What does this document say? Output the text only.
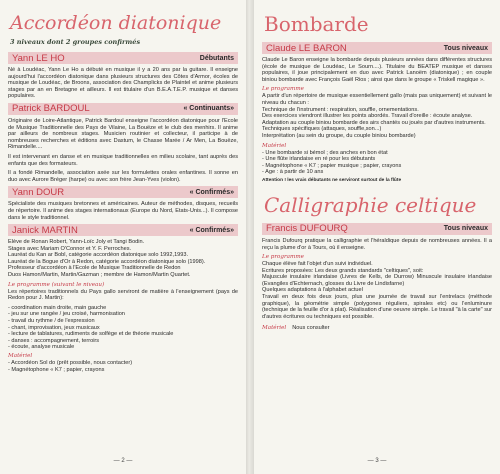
Accordéon diatonique
3 niveaux dont 2 groupes confirmés
Yann LE HO	Débutants

Né à Loudéac, Yann Le Ho a débuté en musique il y a 20 ans par la guitare. Il enseigne aujourd'hui l'accordéon diatonique dans plusieurs structures des Côtes d'Armor, écoles de musique de Loudéac, de Broons, association des Champlicks de Plaintel et anime plusieurs stages par an en Bretagne et ailleurs. Il est titulaire d'un B.E.A.T.E.P. musique et danses populaires.

Patrick BARDOUL	« Continuants»

Originaire de Loire-Atlantique, Patrick Bardoul enseigne l'accordéon diatonique pour l'Ecole de Musique Traditionnelle des Pays de Vilaine, La Bouëze et le club des menhirs. Il anime par ailleurs de nombreux stages. Musicien routinier et collecteur, il participe à de nombreuses recherches et éditions avec Dastum, le Chasse Marée / Ar Men, La Bouëze, Rimandelle....

Il est intervenant en danse et en musique traditionnelles en milieu scolaire, tant auprès des enfants que des formateurs.

Il a fondé Rimandelle, association axée sur les formulettes orales enfantines. Il sonne en duo avec Aurore Bréger (harpe) ou avec son frère Jean-Yves (violon).

Yann DOUR	« Confirmés»

Spécialiste des musiques bretonnes et américaines. Auteur de méthodes, disques, recueils de répertoire. Il anime des stages internationaux (Europe du Nord, Etats-Unis...). Il compose dans le style traditionnel.

Janick MARTIN	« Confirmés»

Elève de Ronan Robert, Yann-Loïc Joly et Tangi Bodin.

Stages avec Mariam O'Connor et Y. F. Perroches.

Lauréat du Kan ar Bobl, catégorie accordéon diatonique solo 1992,1993.

Lauréat de la Bogue d'Or à Redon, catégorie accordéon diatonique solo (1998).

Professeur d'accordéon à l'Ecole de Musique Traditionnelle de Redon

Duos Hamon/Martin, Martin/Gazman ; membre de Hamon/Martin Quartet.

Le programme (suivant le niveau)

Les répertoires traditionnels du Pays gallo serviront de matière à l'enseignement (pays de Redon pour J. Martin):

- coordination main droite, main gauche
- jeu sur une rangée / jeu croisé, harmonisation
- travail du rythme / de l'expression
- chant, improvisation, jeux musicaux
- lecture de tablatures, rudiments de solfège et de théorie musicale
- danses : accompagnement, terroirs
- écoute, analyse musicale
Matériel
- Accordéon Sol do (prêt possible, nous contacter)
- Magnétophone « K7 ; papier, crayons
— 2 —
Bombarde
Claude LE BARON	Tous niveaux

Claude Le Baron enseigne la bombarde depuis plusieurs années dans différentes structures (école de musique de Loudéac, Le Sourn....). Titulaire du BEATEP musique et danses populaires, il joue principalement en duo avec Patrick Lanoëm (diatonique) ; en couple biniou bombarde avec François Gaël Rios ; ainsi que dans le groupe « Triskell magique ».

Le programme

A partir d'un répertoire de musique essentiellement gallo (mais pas uniquement) et suivant le niveau du chacun :

Technique de l'instrument : respiration, souffle, ornementations.

Des exercices viendront illustrer les points abordés. Travail d'oreille : écoute analyse.

Adaptation au couple biniou bombarde des airs chantés ou joués par d'autres instruments.

Techniques spécifiques (attaques, souffle,son...)

Interprétation (au sein du groupe, du couple biniou bombarde)

Matériel
- Une bombarde si bémol ; des anches en bon état
- Une flûte irlandaise en ré pour les débutants
- Magnétophone « K7 ; papier musique ; papier, crayons
- Age : à partir de 10 ans
Attention ! les vrais débutants ne serviront surtout de la flûte
Calligraphie celtique
Francis DUFOURQ	Tous niveaux

Francis Dufourq pratique la calligraphie et l'héraldique depuis de nombreuses années. Il a reçu la plume d'or à Tours, où il enseigne.

Le programme

Chaque élève fait l'objet d'un suivi individuel.

Ecritures proposées: Les deux grands standards "celtiques", soit:

Majuscule insulaire irlandaise (Livres de Kells, de Durrow) Minuscule insulaire irlandaise (Evangiles d'Echternach, glosses du Livre de Lindisfarne)

Quelques adaptations à l'alphabet actuel

Travail en deux fois deux jours, plus une journée de travail sur l'entrelacs (méthode graphique), la géométrie simple (polygones réguliers, spirales etc) ou l'enluminure (technique de la feuille d'or à plat). Réalisation d'une oeuvre simple. Le travail "à la carte" sur d'autres écritures ou techniques est possible.

Matériel Nous consulter
— 3 —
